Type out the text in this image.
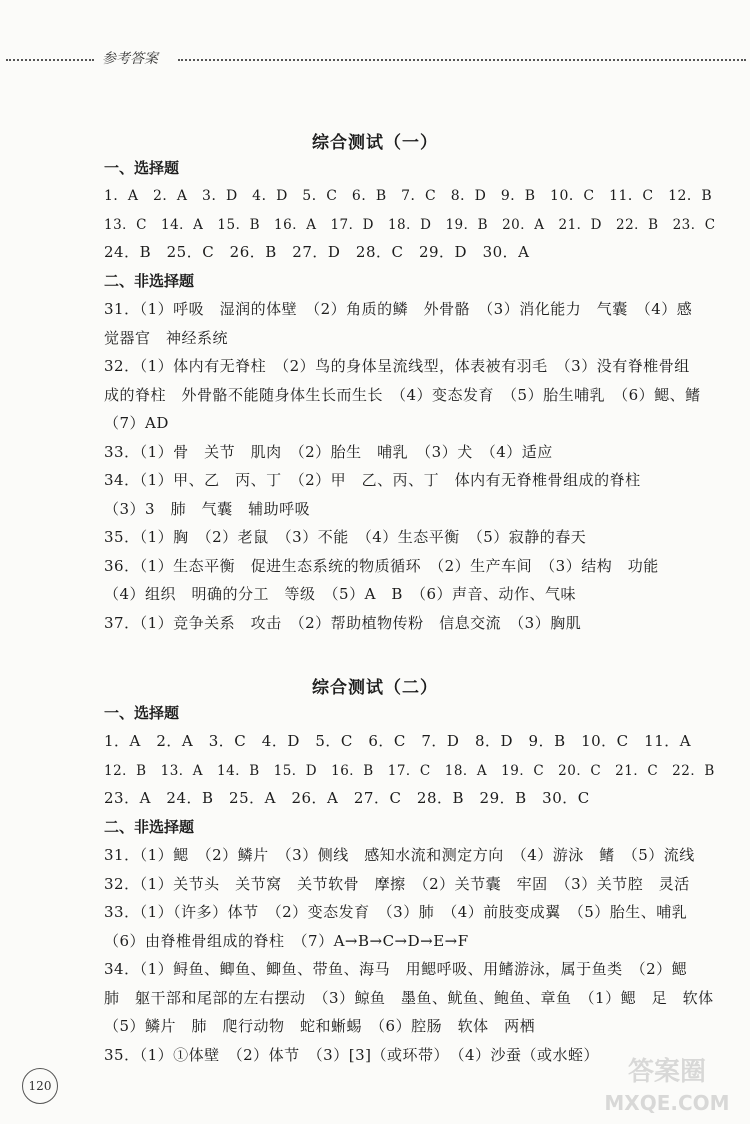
参考答案
综合测试（一）
一、选择题
1．A　2．A　3．D　4．D　5．C　6．B　7．C　8．D　9．B　10．C　11．C　12．B
13．C　14．A　15．B　16．A　17．D　18．D　19．B　20．A　21．D　22．B　23．C
24．B　25．C　26．B　27．D　28．C　29．D　30．A
二、非选择题
31．（1）呼吸　湿润的体壁　（2）角质的鳞　外骨骼　（3）消化能力　气囊　（4）感
觉器官　神经系统
32．（1）体内有无脊柱　（2）鸟的身体呈流线型，体表被有羽毛　（3）没有脊椎骨组
成的脊柱　外骨骼不能随身体生长而生长　（4）变态发育　（5）胎生哺乳　（6）鳃、鳍
（7）AD
33．（1）骨　关节　肌肉　（2）胎生　哺乳　（3）犬　（4）适应
34．（1）甲、乙　丙、丁　（2）甲　乙、丙、丁　体内有无脊椎骨组成的脊柱
（3）3　肺　气囊　辅助呼吸
35．（1）胸　（2）老鼠　（3）不能　（4）生态平衡　（5）寂静的春天
36．（1）生态平衡　促进生态系统的物质循环　（2）生产车间　（3）结构　功能
（4）组织　明确的分工　等级　（5）A　B　（6）声音、动作、气味
37．（1）竞争关系　攻击　（2）帮助植物传粉　信息交流　（3）胸肌
综合测试（二）
一、选择题
1．A　2．A　3．C　4．D　5．C　6．C　7．D　8．D　9．B　10．C　11．A
12．B　13．A　14．B　15．D　16．B　17．C　18．A　19．C　20．C　21．C　22．B
23．A　24．B　25．A　26．A　27．C　28．B　29．B　30．C
二、非选择题
31．（1）鳃　（2）鳞片　（3）侧线　感知水流和测定方向　（4）游泳　鳍　（5）流线
32．（1）关节头　关节窝　关节软骨　摩擦　（2）关节囊　牢固　（3）关节腔　灵活
33．（1）（许多）体节　（2）变态发育　（3）肺　（4）前肢变成翼　（5）胎生、哺乳
（6）由脊椎骨组成的脊柱　（7）A→B→C→D→E→F
34．（1）鲟鱼、鲫鱼、鲫鱼、带鱼、海马　用鳃呼吸、用鳍游泳，属于鱼类　（2）鳃
肺　躯干部和尾部的左右摆动　（3）鲸鱼　墨鱼、鱿鱼、鲍鱼、章鱼　（1）鳃　足　软体
（5）鳞片　肺　爬行动物　蛇和蜥蜴　（6）腔肠　软体　两栖
35．（1）①体壁　（2）体节　（3）[3]（或环带）　（4）沙蚕（或水蛭）
120	答案圈
MXQE.COM
